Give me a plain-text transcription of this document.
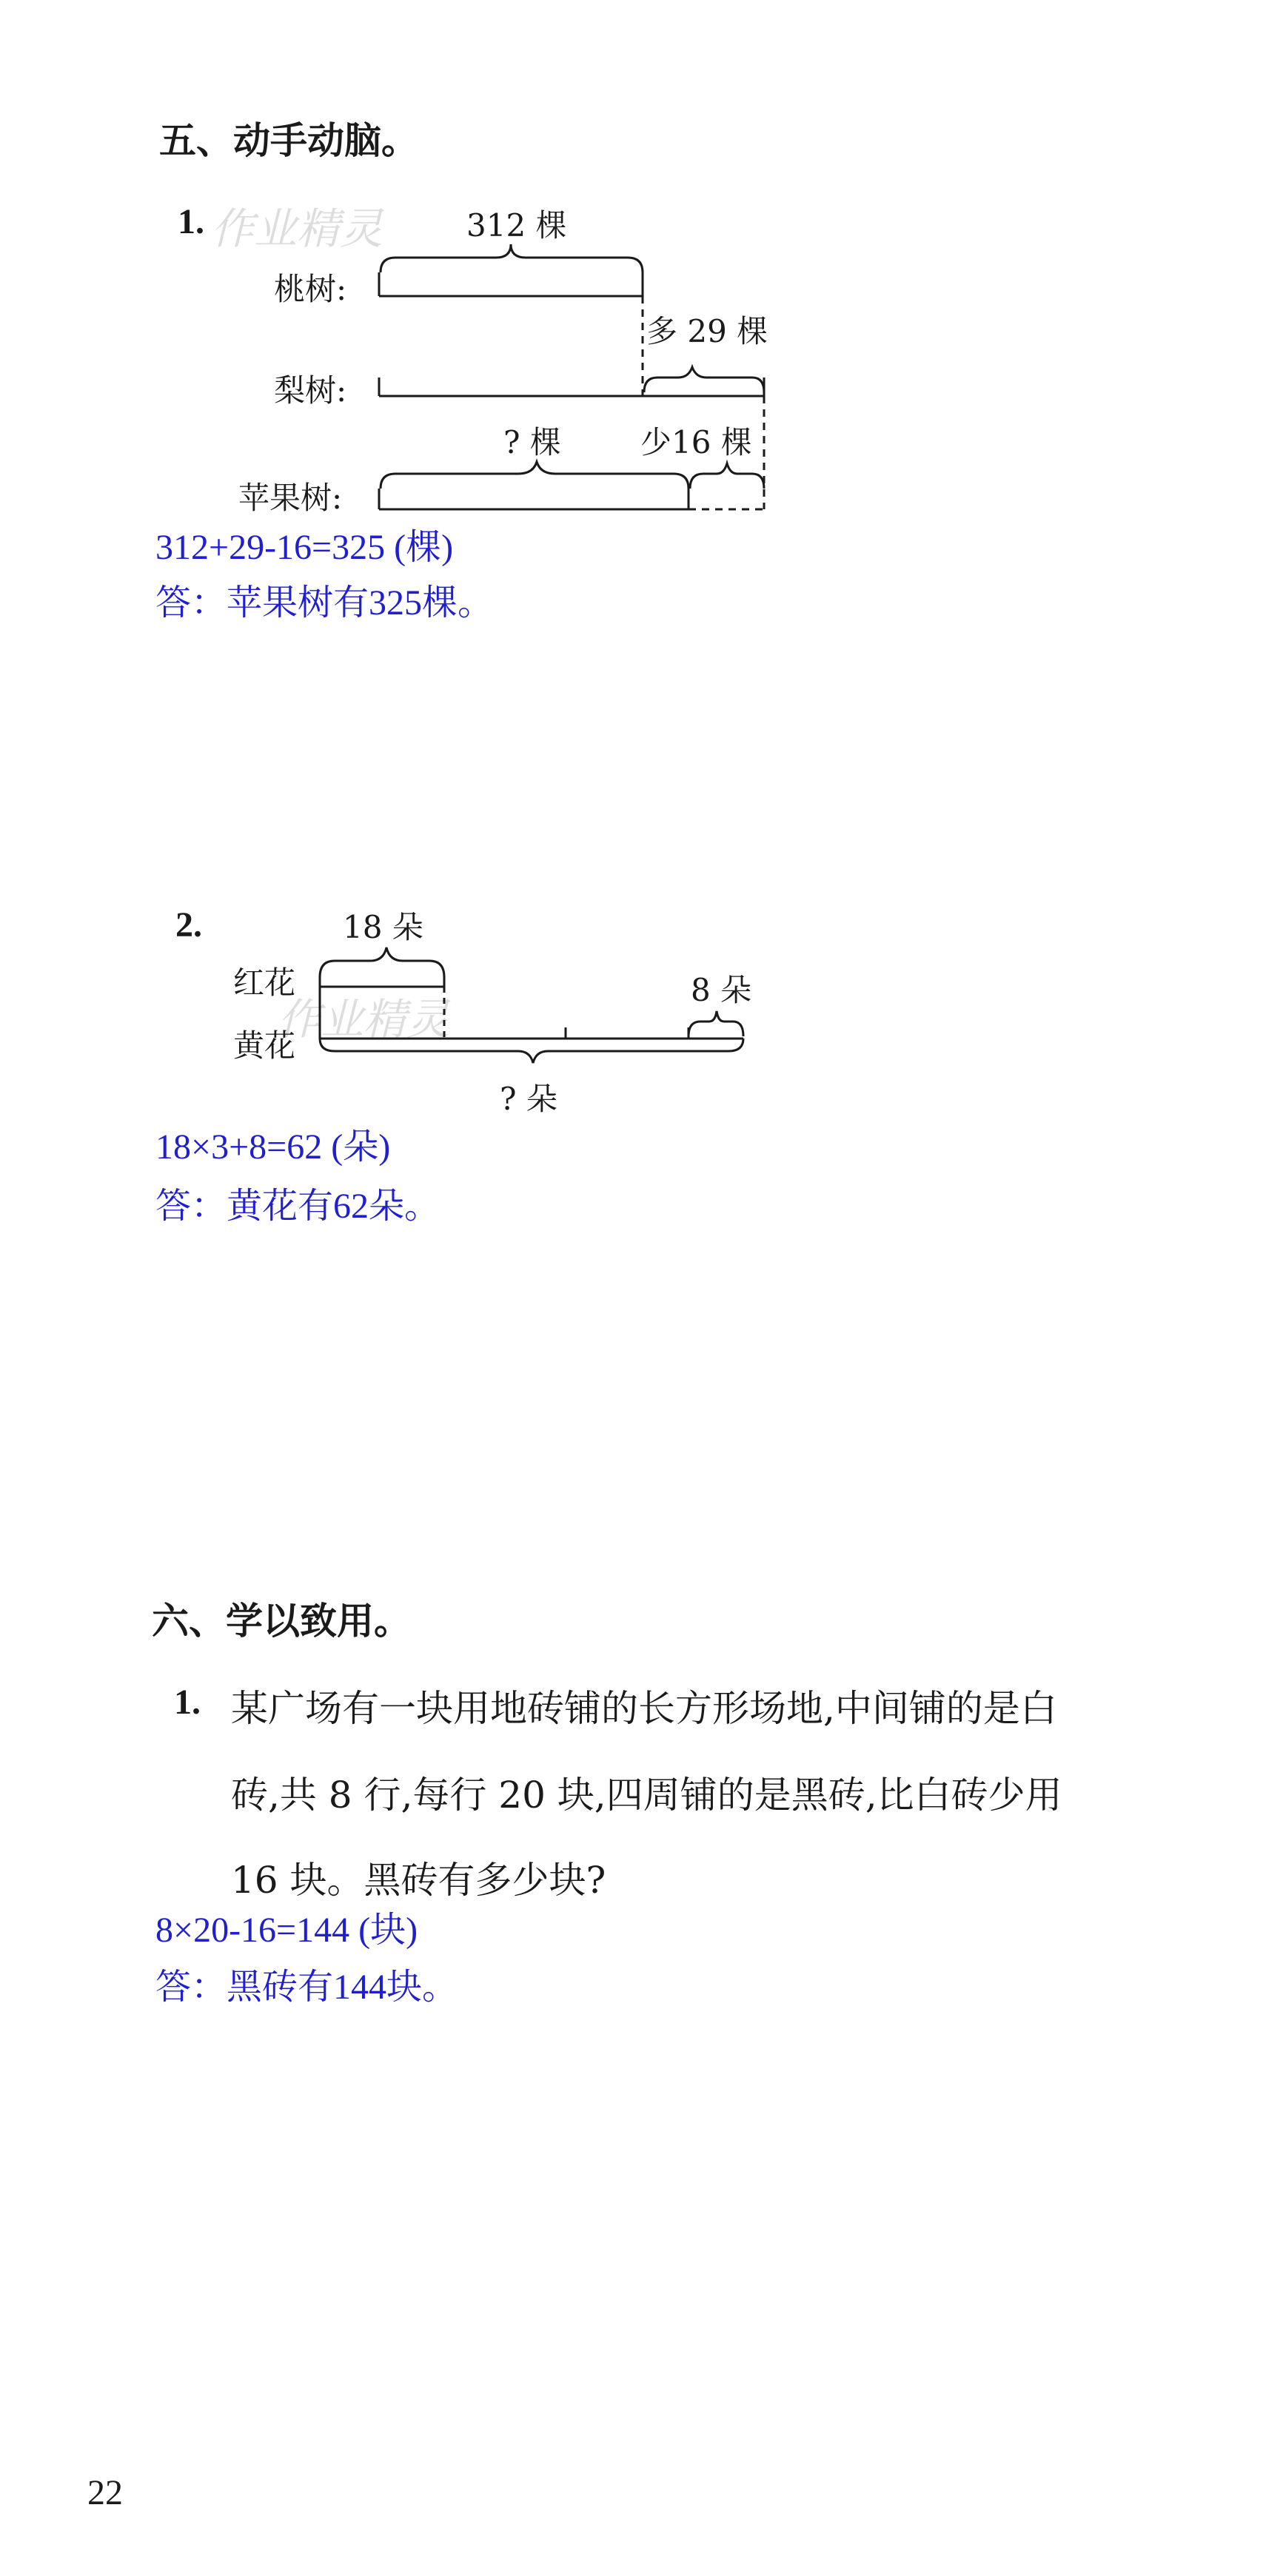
五、动手动脑。
1. 作业精灵	312 棵
桃树:
多 29 棵
梨树:
? 棵	少16 棵
苹果树:
312+29-16=325 (棵)
答：苹果树有325棵。
2.	18 朵
红花
作业精灵
8 朵
黄花
? 朵
18×3+8=62 (朵)
答：黄花有62朵。
六、学以致用。
1. 某广场有一块用地砖铺的长方形场地,中间铺的是白
砖,共 8 行,每行 20 块,四周铺的是黑砖,比白砖少用
16 块。黑砖有多少块?
8×20-16=144 (块)
答：黑砖有144块。
22
